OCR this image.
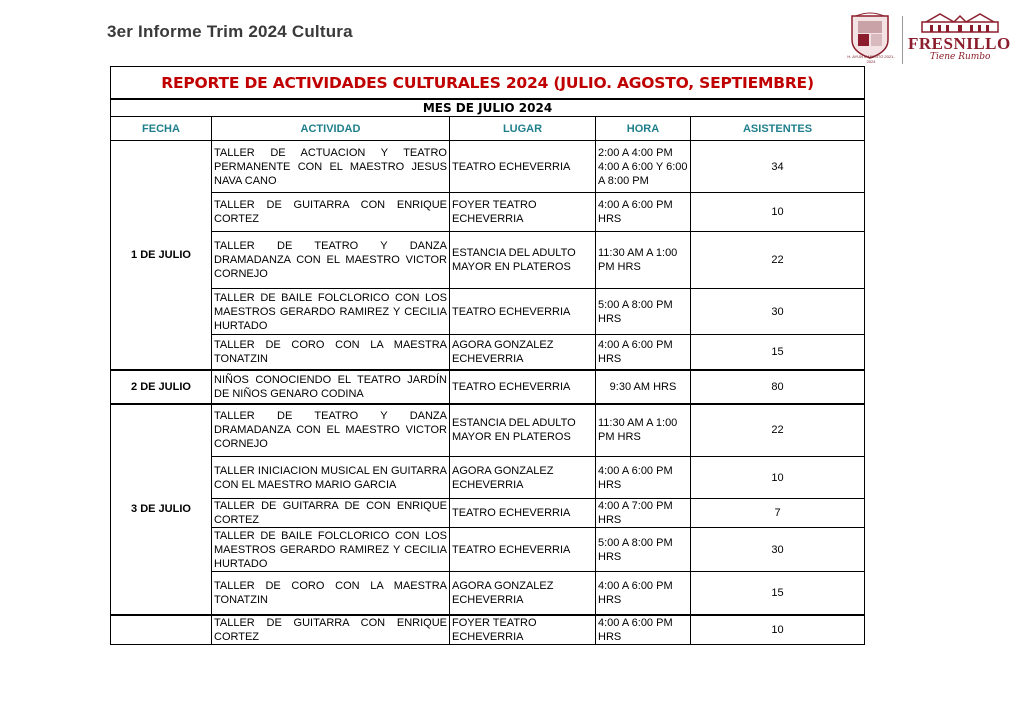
3er Informe Trim 2024 Cultura
H. AYUNTAMIENTO 2021-2024
FRESNILLO
Tiene Rumbo
REPORTE DE ACTIVIDADES CULTURALES 2024 (JULIO. AGOSTO, SEPTIEMBRE)				
MES DE JULIO 2024				
FECHA	ACTIVIDAD	LUGAR	HORA	ASISTENTES
1 DE JULIO	TALLER DE ACTUACION Y TEATRO PERMANENTE CON EL MAESTRO JESUS NAVA CANO	TEATRO ECHEVERRIA	2:00 A 4:00 PM 4:00 A 6:00 Y 6:00 A 8:00 PM	34
	TALLER DE GUITARRA CON ENRIQUE CORTEZ	FOYER TEATRO ECHEVERRIA	4:00 A 6:00 PM HRS	10
	TALLER DE TEATRO Y DANZA DRAMADANZA CON EL MAESTRO VICTOR CORNEJO	ESTANCIA DEL ADULTO MAYOR EN PLATEROS	11:30 AM A 1:00 PM HRS	22
	TALLER DE BAILE FOLCLORICO CON LOS MAESTROS GERARDO RAMIREZ Y CECILIA HURTADO	TEATRO ECHEVERRIA	5:00 A 8:00 PM HRS	30
	TALLER DE CORO CON LA MAESTRA TONATZIN	AGORA GONZALEZ ECHEVERRIA	4:00 A 6:00 PM HRS	15
2 DE JULIO	NIÑOS CONOCIENDO EL TEATRO JARDÍN DE NIÑOS GENARO CODINA	TEATRO ECHEVERRIA	9:30 AM HRS	80
3 DE JULIO	TALLER DE TEATRO Y DANZA DRAMADANZA CON EL MAESTRO VICTOR CORNEJO	ESTANCIA DEL ADULTO MAYOR EN PLATEROS	11:30 AM A 1:00 PM HRS	22
	TALLER INICIACION MUSICAL EN GUITARRA CON EL MAESTRO MARIO GARCIA	AGORA GONZALEZ ECHEVERRIA	4:00 A 6:00 PM HRS	10
	TALLER DE GUITARRA DE CON ENRIQUE CORTEZ	TEATRO ECHEVERRIA	4:00 A 7:00 PM HRS	7
	TALLER DE BAILE FOLCLORICO CON LOS MAESTROS GERARDO RAMIREZ Y CECILIA HURTADO	TEATRO ECHEVERRIA	5:00 A 8:00 PM HRS	30
	TALLER DE CORO CON LA MAESTRA TONATZIN	AGORA GONZALEZ ECHEVERRIA	4:00 A 6:00 PM HRS	15
	TALLER DE GUITARRA CON ENRIQUE CORTEZ	FOYER TEATRO ECHEVERRIA	4:00 A 6:00 PM HRS	10
